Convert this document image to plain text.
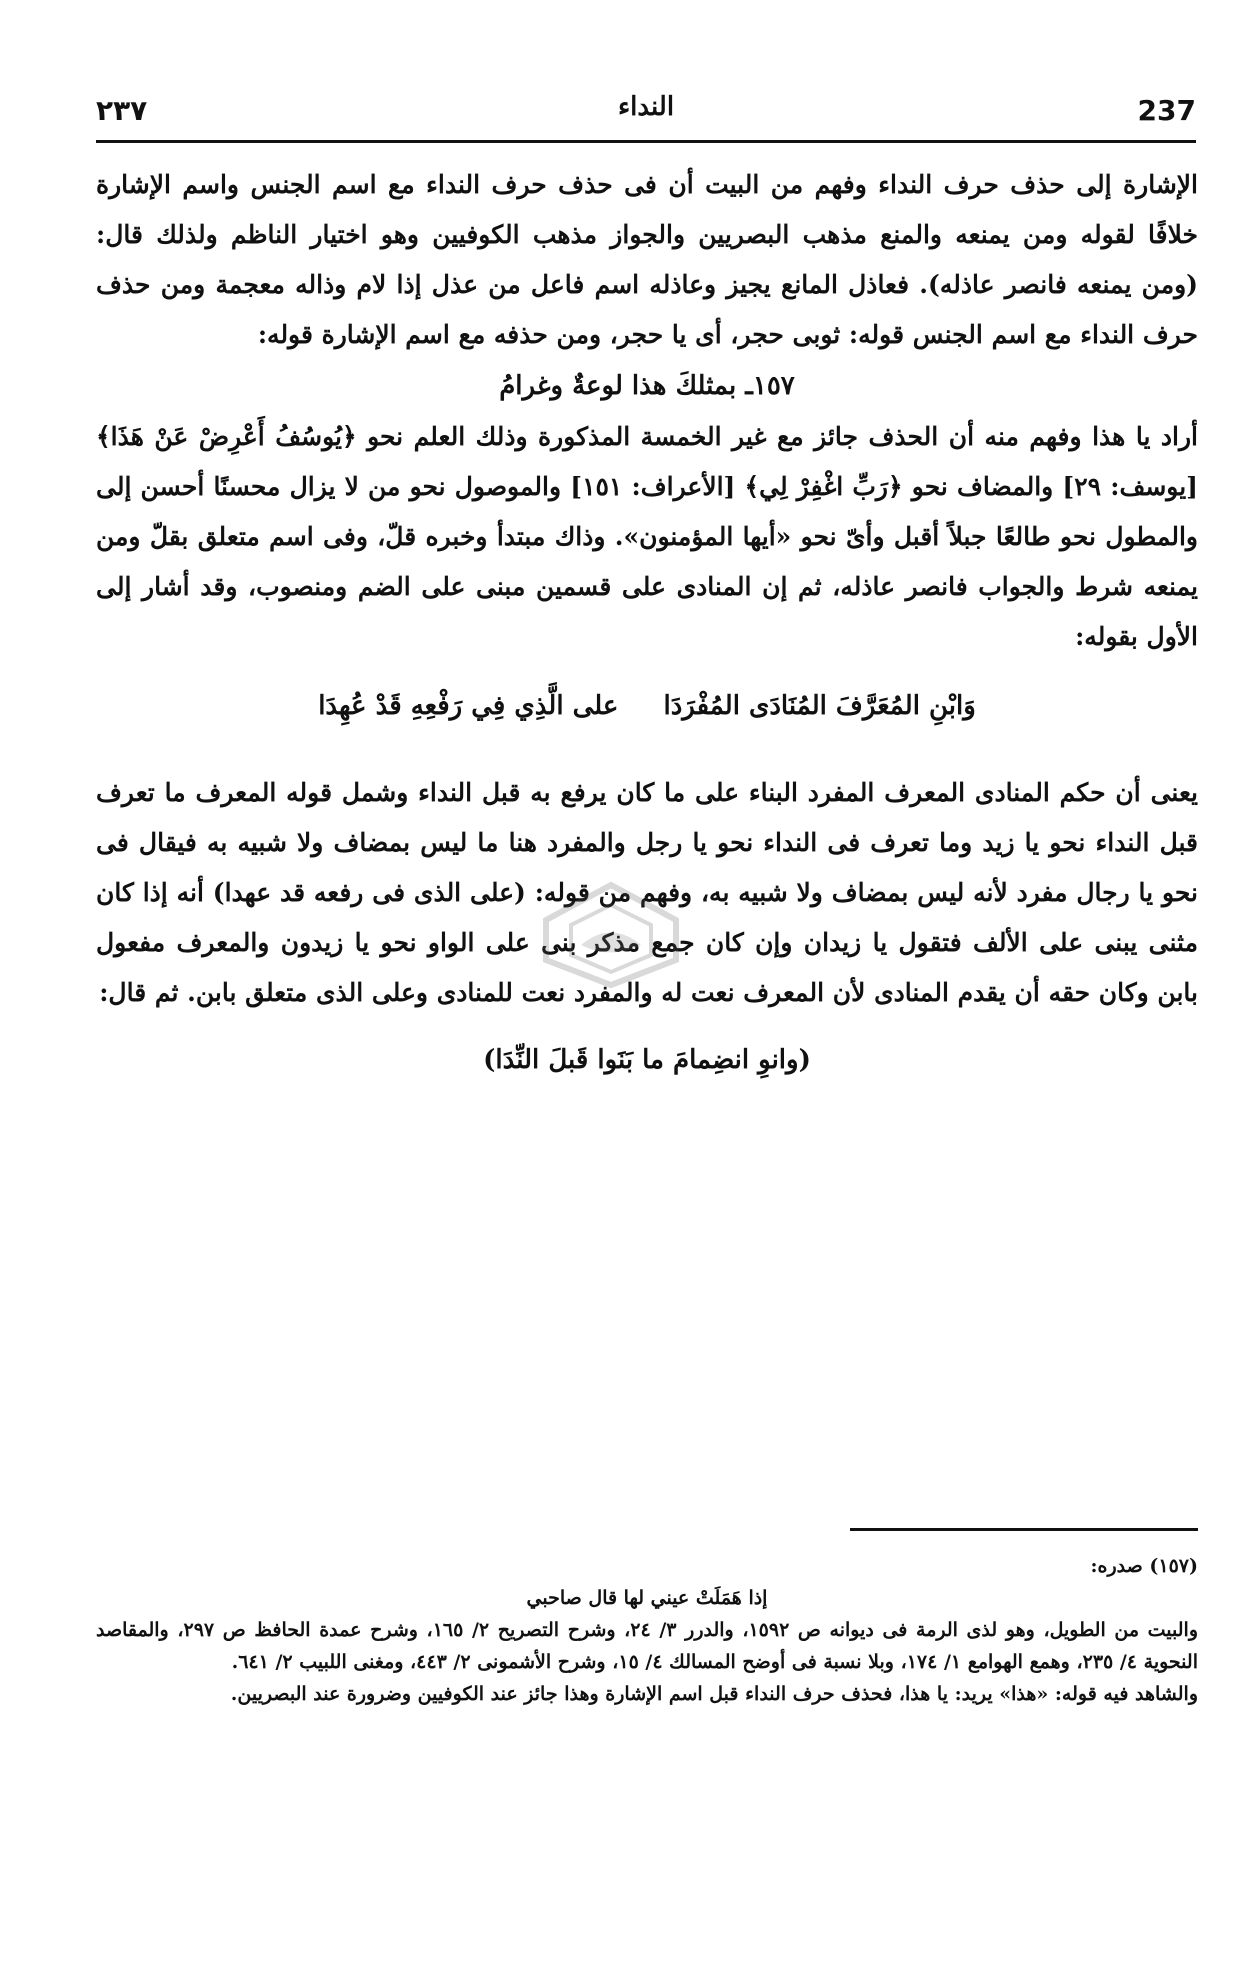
٢٣٧	النداء	237

الإشارة إلى حذف حرف النداء وفهم من البيت أن فى حذف حرف النداء مع اسم الجنس واسم الإشارة خلافًا لقوله ومن يمنعه والمنع مذهب البصريين والجواز مذهب الكوفيين وهو اختيار الناظم ولذلك قال: (ومن يمنعه فانصر عاذله). فعاذل المانع يجيز وعاذله اسم فاعل من عذل إذا لام وذاله معجمة ومن حذف حرف النداء مع اسم الجنس قوله: ثوبى حجر، أى يا حجر، ومن حذفه مع اسم الإشارة قوله:

١٥٧ـ بمثلكَ هذا لوعةٌ وغرامُ

أراد يا هذا وفهم منه أن الحذف جائز مع غير الخمسة المذكورة وذلك العلم نحو ﴿يُوسُفُ أَعْرِضْ عَنْ هَذَا﴾ [يوسف: ٢٩] والمضاف نحو ﴿رَبِّ اغْفِرْ لِي﴾ [الأعراف: ١٥١] والموصول نحو من لا يزال محسنًا أحسن إلى والمطول نحو طالعًا جبلاً أقبل وأىّ نحو «أيها المؤمنون». وذاك مبتدأ وخبره قلّ، وفى اسم متعلق بقلّ ومن يمنعه شرط والجواب فانصر عاذله، ثم إن المنادى على قسمين مبنى على الضم ومنصوب، وقد أشار إلى الأول بقوله:

وَابْنِ المُعَرَّفَ المُنَادَى المُفْرَدَا على الَّذِي فِي رَفْعِهِ قَدْ عُهِدَا

يعنى أن حكم المنادى المعرف المفرد البناء على ما كان يرفع به قبل النداء وشمل قوله المعرف ما تعرف قبل النداء نحو يا زيد وما تعرف فى النداء نحو يا رجل والمفرد هنا ما ليس بمضاف ولا شبيه به فيقال فى نحو يا رجال مفرد لأنه ليس بمضاف ولا شبيه به، وفهم من قوله: (على الذى فى رفعه قد عهدا) أنه إذا كان مثنى يبنى على الألف فتقول يا زيدان وإن كان جمع مذكر بنى على الواو نحو يا زيدون والمعرف مفعول بابن وكان حقه أن يقدم المنادى لأن المعرف نعت له والمفرد نعت للمنادى وعلى الذى متعلق بابن. ثم قال:

(وانوِ انضِمامَ ما بَنَوا قَبلَ النِّدَا)

(١٥٧) صدره:

إذا هَمَلَتْ عيني لها قال صاحبي

والبيت من الطويل، وهو لذى الرمة فى ديوانه ص ١٥٩٢، والدرر ٣/ ٢٤، وشرح التصريح ٢/ ١٦٥، وشرح عمدة الحافظ ص ٢٩٧، والمقاصد النحوية ٤/ ٢٣٥، وهمع الهوامع ١/ ١٧٤، وبلا نسبة فى أوضح المسالك ٤/ ١٥، وشرح الأشمونى ٢/ ٤٤٣، ومغنى اللبيب ٢/ ٦٤١.

والشاهد فيه قوله: «هذا» يريد: يا هذا، فحذف حرف النداء قبل اسم الإشارة وهذا جائز عند الكوفيين وضرورة عند البصريين.
